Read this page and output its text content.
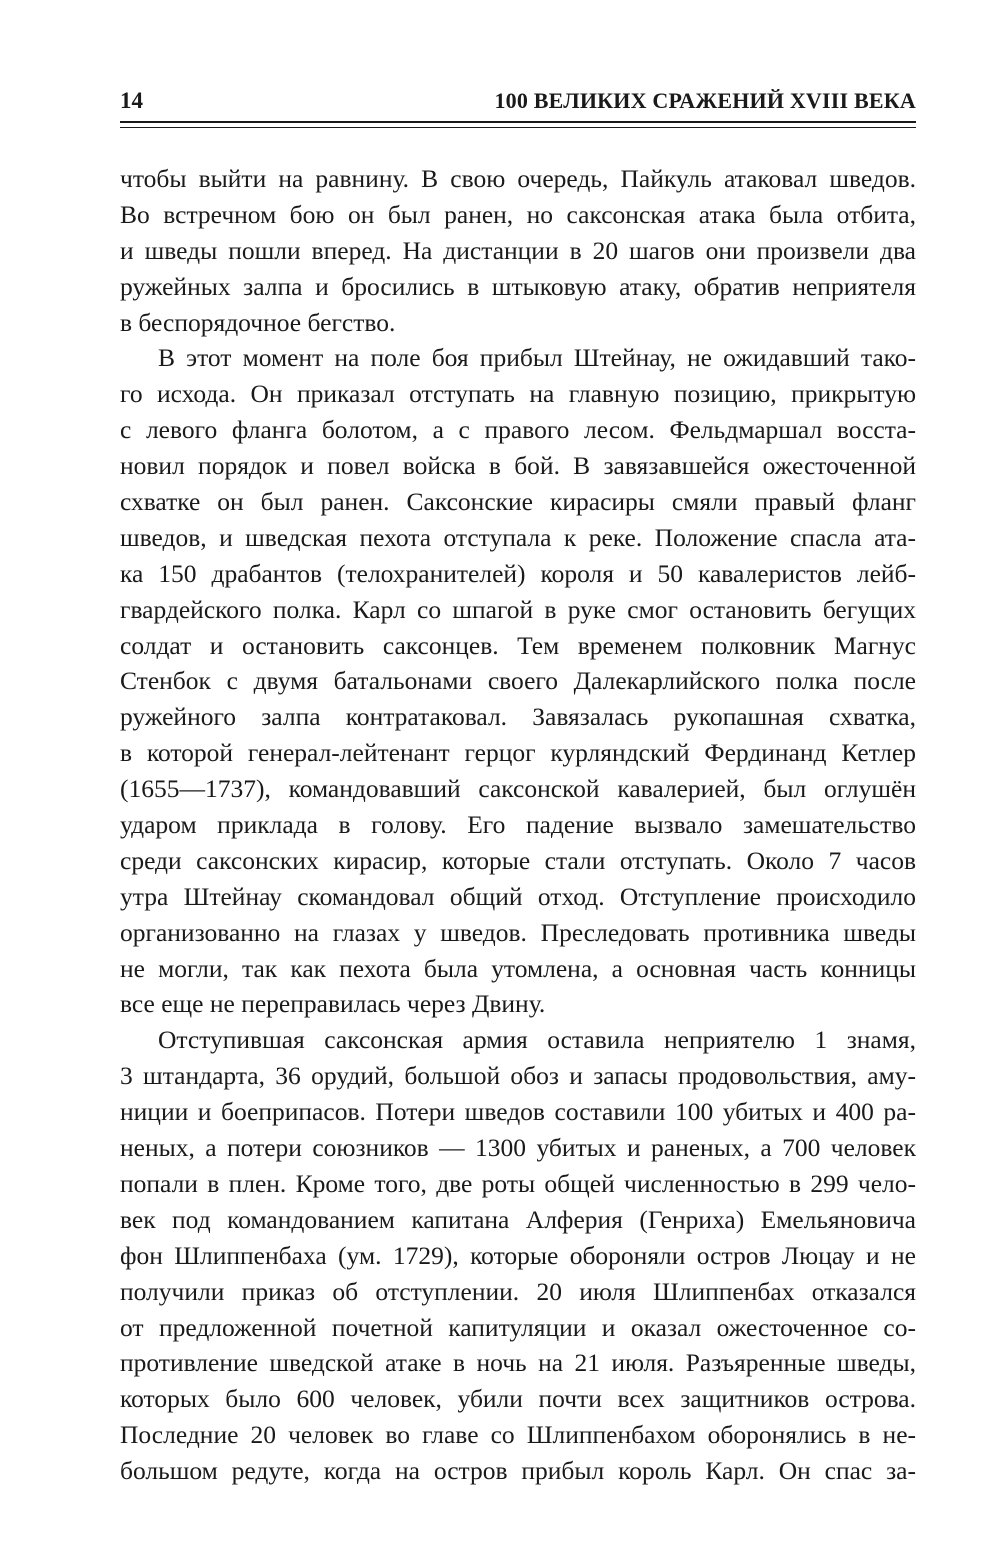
14	100 ВЕЛИКИХ СРАЖЕНИЙ XVIII ВЕКА
чтобы выйти на равнину. В свою очередь, Пайкуль атаковал шведов.
Во встречном бою он был ранен, но саксонская атака была отбита,
и шведы пошли вперед. На дистанции в 20 шагов они произвели два
ружейных залпа и бросились в штыковую атаку, обратив неприятеля
в беспорядочное бегство.
В этот момент на поле боя прибыл Штейнау, не ожидавший тако-
го исхода. Он приказал отступать на главную позицию, прикрытую
с левого фланга болотом, а с правого лесом. Фельдмаршал восста-
новил порядок и повел войска в бой. В завязавшейся ожесточенной
схватке он был ранен. Саксонские кирасиры смяли правый фланг
шведов, и шведская пехота отступала к реке. Положение спасла ата-
ка 150 драбантов (телохранителей) короля и 50 кавалеристов лейб-
гвардейского полка. Карл со шпагой в руке смог остановить бегущих
солдат и остановить саксонцев. Тем временем полковник Магнус
Стенбок с двумя батальонами своего Далекарлийского полка после
ружейного залпа контратаковал. Завязалась рукопашная схватка,
в которой генерал-лейтенант герцог курляндский Фердинанд Кетлер
(1655—1737), командовавший саксонской кавалерией, был оглушён
ударом приклада в голову. Его падение вызвало замешательство
среди саксонских кирасир, которые стали отступать. Около 7 часов
утра Штейнау скомандовал общий отход. Отступление происходило
организованно на глазах у шведов. Преследовать противника шведы
не могли, так как пехота была утомлена, а основная часть конницы
все еще не переправилась через Двину.
Отступившая саксонская армия оставила неприятелю 1 знамя,
3 штандарта, 36 орудий, большой обоз и запасы продовольствия, аму-
ниции и боеприпасов. Потери шведов составили 100 убитых и 400 ра-
неных, а потери союзников — 1300 убитых и раненых, а 700 человек
попали в плен. Кроме того, две роты общей численностью в 299 чело-
век под командованием капитана Алферия (Генриха) Емельяновича
фон Шлиппенбаха (ум. 1729), которые обороняли остров Люцау и не
получили приказ об отступлении. 20 июля Шлиппенбах отказался
от предложенной почетной капитуляции и оказал ожесточенное со-
противление шведской атаке в ночь на 21 июля. Разъяренные шведы,
которых было 600 человек, убили почти всех защитников острова.
Последние 20 человек во главе со Шлиппенбахом оборонялись в не-
большом редуте, когда на остров прибыл король Карл. Он спас за-
